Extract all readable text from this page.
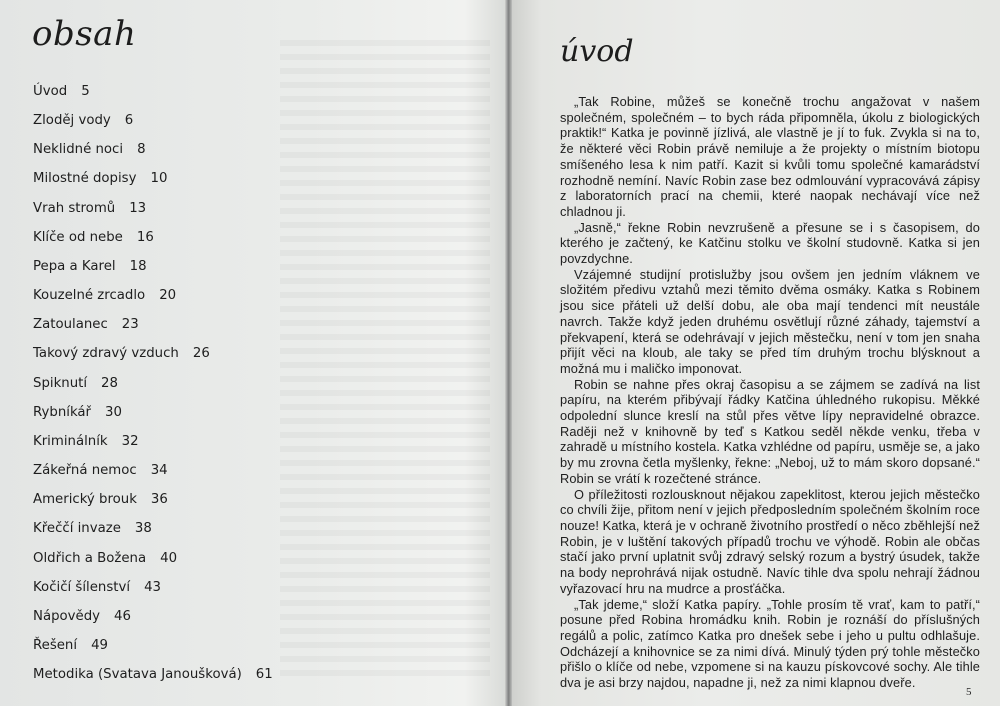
obsah
Úvod 5
Zloděj vody 6
Neklidné noci 8
Milostné dopisy 10
Vrah stromů 13
Klíče od nebe 16
Pepa a Karel 18
Kouzelné zrcadlo 20
Zatoulanec 23
Takový zdravý vzduch 26
Spiknutí 28
Rybníkář 30
Kriminálník 32
Zákeřná nemoc 34
Americký brouk 36
Křeččí invaze 38
Oldřich a Božena 40
Kočičí šílenství 43
Nápovědy 46
Řešení 49
Metodika (Svatava Janoušková) 61
úvod

„Tak Robine, můžeš se konečně trochu angažovat v našem společném, společném – to bych ráda připomněla, úkolu z biologických praktik!“ Katka je povinně jízlivá, ale vlastně je jí to fuk. Zvykla si na to, že některé věci Robin právě nemiluje a že projekty o místním biotopu smíšeného lesa k nim patří. Kazit si kvůli tomu společné kamarádství rozhodně nemíní. Navíc Robin zase bez odmlouvání vypracovává zápisy z laboratorních prací na chemii, které naopak nechávají více než chladnou ji.

„Jasně,“ řekne Robin nevzrušeně a přesune se i s časopisem, do kterého je začtený, ke Katčinu stolku ve školní studovně. Katka si jen povzdychne.

Vzájemné studijní protislužby jsou ovšem jen jedním vláknem ve složitém předivu vztahů mezi těmito dvěma osmáky. Katka s Robinem jsou sice přáteli už delší dobu, ale oba mají tendenci mít neustále navrch. Takže když jeden druhému osvětlují různé záhady, tajemství a překvapení, která se odehrávají v jejich městečku, není v tom jen snaha přijít věci na kloub, ale taky se před tím druhým trochu blýsknout a možná mu i maličko imponovat.

Robin se nahne přes okraj časopisu a se zájmem se zadívá na list papíru, na kterém přibývají řádky Katčina úhledného rukopisu. Měkké odpolední slunce kreslí na stůl přes větve lípy nepravidelné obrazce. Raději než v knihovně by teď s Katkou seděl někde venku, třeba v zahradě u místního kostela. Katka vzhlédne od papíru, usměje se, a jako by mu zrovna četla myšlenky, řekne: „Neboj, už to mám skoro dopsané.“ Robin se vrátí k rozečtené stránce.

O příležitosti rozlousknout nějakou zapeklitost, kterou jejich městečko co chvíli žije, přitom není v jejich předposledním společném školním roce nouze! Katka, která je v ochraně životního prostředí o něco zběhlejší než Robin, je v luštění takových případů trochu ve výhodě. Robin ale občas stačí jako první uplatnit svůj zdravý selský rozum a bystrý úsudek, takže na body neprohrává nijak ostudně. Navíc tihle dva spolu nehrají žádnou vyřazovací hru na mudrce a prosťáčka.

„Tak jdeme,“ složí Katka papíry. „Tohle prosím tě vrať, kam to patří,“ posune před Robina hromádku knih. Robin je roznáší do příslušných regálů a polic, zatímco Katka pro dnešek sebe i jeho u pultu odhlašuje. Odcházejí a knihovnice se za nimi dívá. Minulý týden prý tohle městečko přišlo o klíče od nebe, vzpomene si na kauzu pískovcové sochy. Ale tihle dva je asi brzy najdou, napadne ji, než za nimi klapnou dveře.

5
